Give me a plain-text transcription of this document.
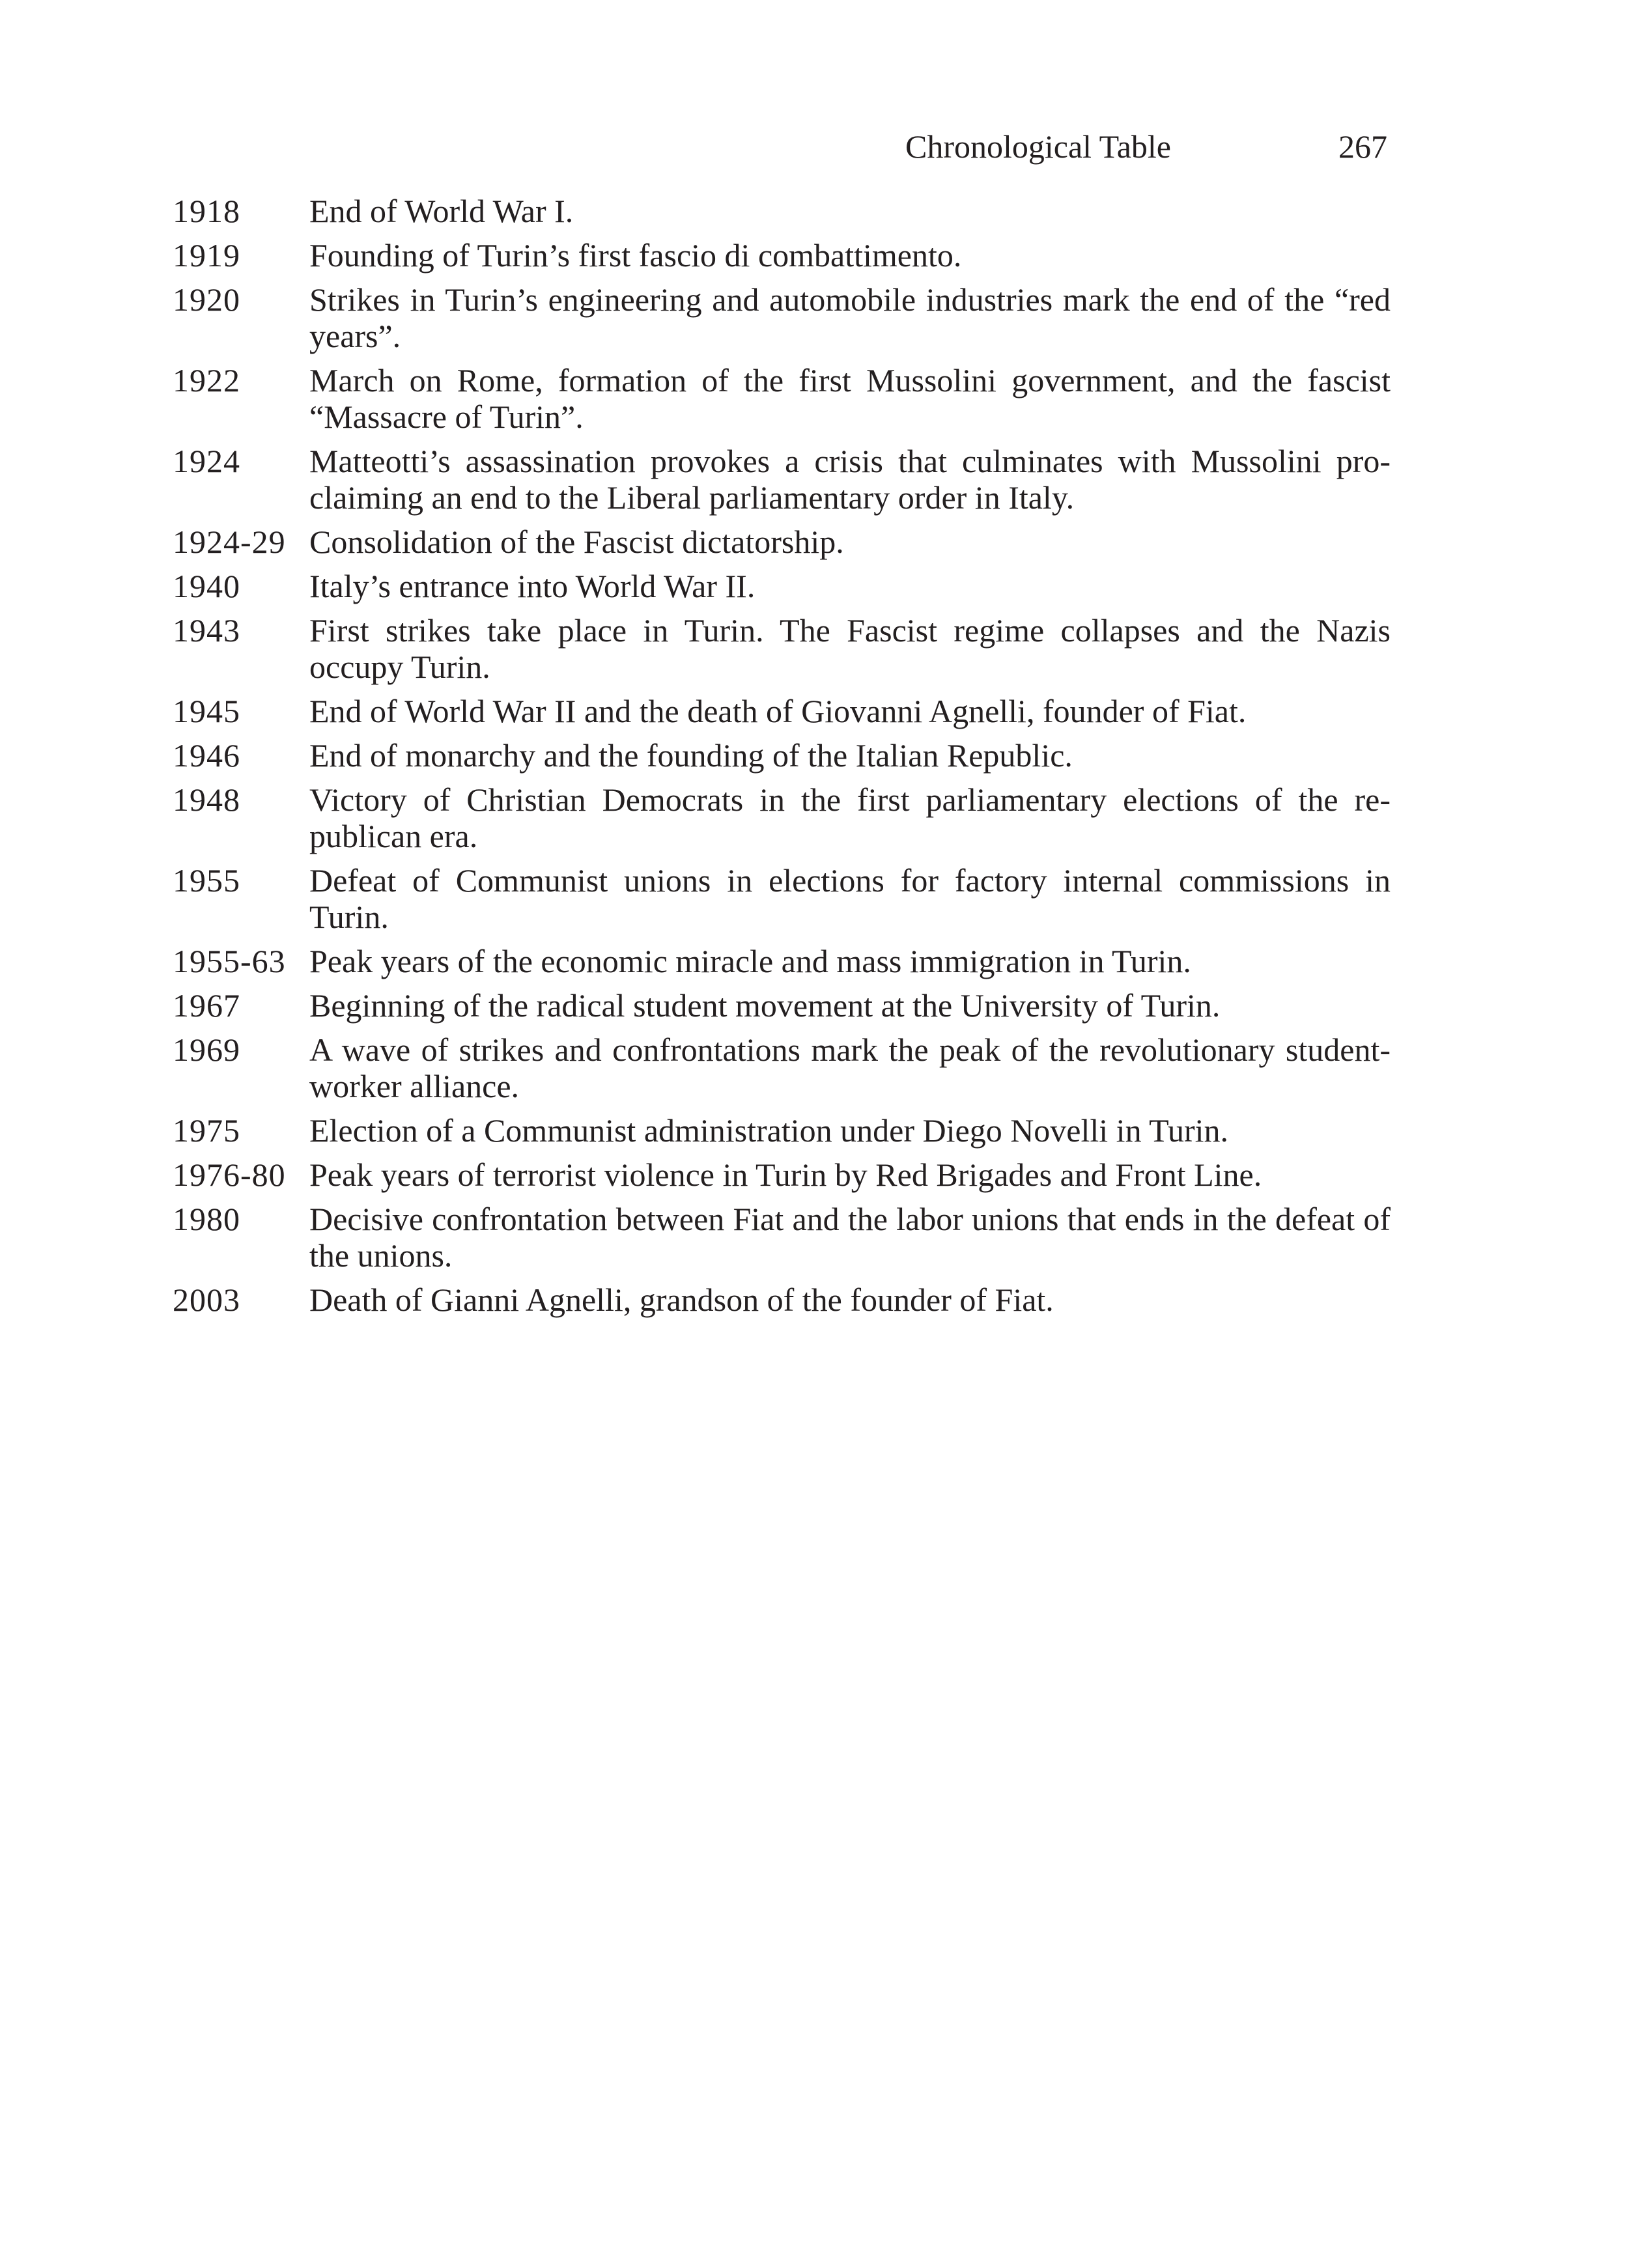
Chronological Table	267
1918	End of World War I.
1919	Founding of Turin’s first fascio di combattimento.
1920	Strikes in Turin’s engineering and automobile industries mark the end of the “red years”.
1922	March on Rome, formation of the first Mussolini government, and the fascist “Massacre of Turin”.
1924	Matteotti’s assassination provokes a crisis that culminates with Mussolini proclaiming an end to the Liberal parliamentary order in Italy.
1924-29 Consolidation of the Fascist dictatorship.
1940	Italy’s entrance into World War II.
1943	First strikes take place in Turin. The Fascist regime collapses and the Nazis occupy Turin.
1945	End of World War II and the death of Giovanni Agnelli, founder of Fiat.
1946	End of monarchy and the founding of the Italian Republic.
1948	Victory of Christian Democrats in the first parliamentary elections of the republican era.
1955	Defeat of Communist unions in elections for factory internal commissions in Turin.
1955-63 Peak years of the economic miracle and mass immigration in Turin.
1967	Beginning of the radical student movement at the University of Turin.
1969	A wave of strikes and confrontations mark the peak of the revolutionary studentworker alliance.
1975	Election of a Communist administration under Diego Novelli in Turin.
1976-80 Peak years of terrorist violence in Turin by Red Brigades and Front Line.
1980	Decisive confrontation between Fiat and the labor unions that ends in the defeat of the unions.
2003	Death of Gianni Agnelli, grandson of the founder of Fiat.
